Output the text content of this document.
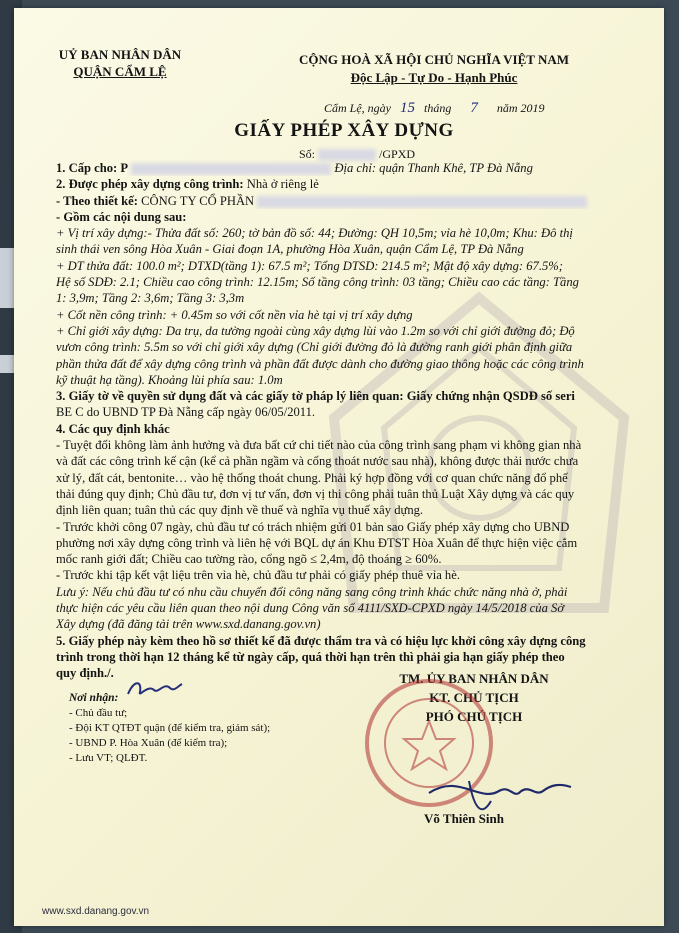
UỶ BAN NHÂN DÂN
QUẬN CẨM LỆ
CỘNG HOÀ XÃ HỘI CHỦ NGHĨA VIỆT NAM
Độc Lập - Tự Do - Hạnh Phúc
Cẩm Lệ, ngày 15 tháng 7 năm 2019
GIẤY PHÉP XÂY DỰNG
Số:	/GPXD
1. Cấp cho: P	Địa chỉ: quận Thanh Khê, TP Đà Nẵng
2. Được phép xây dựng công trình: Nhà ở riêng lẻ
- Theo thiết kế: CÔNG TY CỔ PHẦN
- Gồm các nội dung sau:
+ Vị trí xây dựng:- Thửa đất số: 260; tờ bản đồ số: 44; Đường: QH 10,5m; vỉa hè 10,0m; Khu: Đô thị
sinh thái ven sông Hòa Xuân - Giai đoạn 1A, phường Hòa Xuân, quận Cẩm Lệ, TP Đà Nẵng
+ DT thửa đất: 100.0 m²; DTXD(tầng 1): 67.5 m²; Tổng DTSD: 214.5 m²; Mật độ xây dựng: 67.5%;
Hệ số SDĐ: 2.1; Chiều cao công trình: 12.15m; Số tầng công trình: 03 tầng; Chiều cao các tầng: Tầng
1: 3,9m; Tầng 2: 3,6m; Tầng 3: 3,3m
+ Cốt nền công trình: + 0.45m so với cốt nền vỉa hè tại vị trí xây dựng
+ Chỉ giới xây dựng: Da trụ, da tường ngoài cùng xây dựng lùi vào 1.2m so với chỉ giới đường đỏ; Độ
vươn công trình: 5.5m so với chỉ giới xây dựng (Chỉ giới đường đỏ là đường ranh giới phân định giữa
phần thửa đất để xây dựng công trình và phần đất được dành cho đường giao thông hoặc các công trình
kỹ thuật hạ tầng). Khoảng lùi phía sau: 1.0m
3. Giấy tờ về quyền sử dụng đất và các giấy tờ pháp lý liên quan: Giấy chứng nhận QSDĐ số seri
BE C do UBND TP Đà Nẵng cấp ngày 06/05/2011.
4. Các quy định khác
- Tuyệt đối không làm ảnh hưởng và đưa bất cứ chi tiết nào của công trình sang phạm vi không gian nhà
và đất các công trình kế cận (kể cả phần ngầm và cống thoát nước sau nhà), không được thải nước chưa
xử lý, đất cát, bentonite… vào hệ thống thoát chung. Phải ký hợp đồng với cơ quan chức năng đổ phế
thải đúng quy định; Chủ đầu tư, đơn vị tư vấn, đơn vị thi công phải tuân thủ Luật Xây dựng và các quy
định liên quan; tuân thủ các quy định về thuế và nghĩa vụ thuế xây dựng.
- Trước khởi công 07 ngày, chủ đầu tư có trách nhiệm gửi 01 bản sao Giấy phép xây dựng cho UBND
phường nơi xây dựng công trình và liên hệ với BQL dự án Khu ĐTST Hòa Xuân để thực hiện việc cắm
mốc ranh giới đất; Chiều cao tường rào, cổng ngõ ≤ 2,4m, độ thoáng ≥ 60%.
- Trước khi tập kết vật liệu trên vỉa hè, chủ đầu tư phải có giấy phép thuê vỉa hè.
Lưu ý: Nếu chủ đầu tư có nhu cầu chuyển đổi công năng sang công trình khác chức năng nhà ở, phải
thực hiện các yêu cầu liên quan theo nội dung Công văn số 4111/SXD-CPXD ngày 14/5/2018 của Sở
Xây dựng (đã đăng tải trên www.sxd.danang.gov.vn)
5. Giấy phép này kèm theo hồ sơ thiết kế đã được thẩm tra và có hiệu lực khởi công xây dựng công
trình trong thời hạn 12 tháng kể từ ngày cấp, quá thời hạn trên thì phải gia hạn giấy phép theo
quy định./.	TM. ỦY BAN NHÂN DÂN
KT. CHỦ TỊCH
PHÓ CHỦ TỊCH
Võ Thiên Sinh
Nơi nhận:
- Chủ đầu tư;
- Đội KT QTĐT quận (để kiểm tra, giám sát);
- UBND P. Hòa Xuân (để kiểm tra);
- Lưu VT; QLĐT.
www.sxd.danang.gov.vn
